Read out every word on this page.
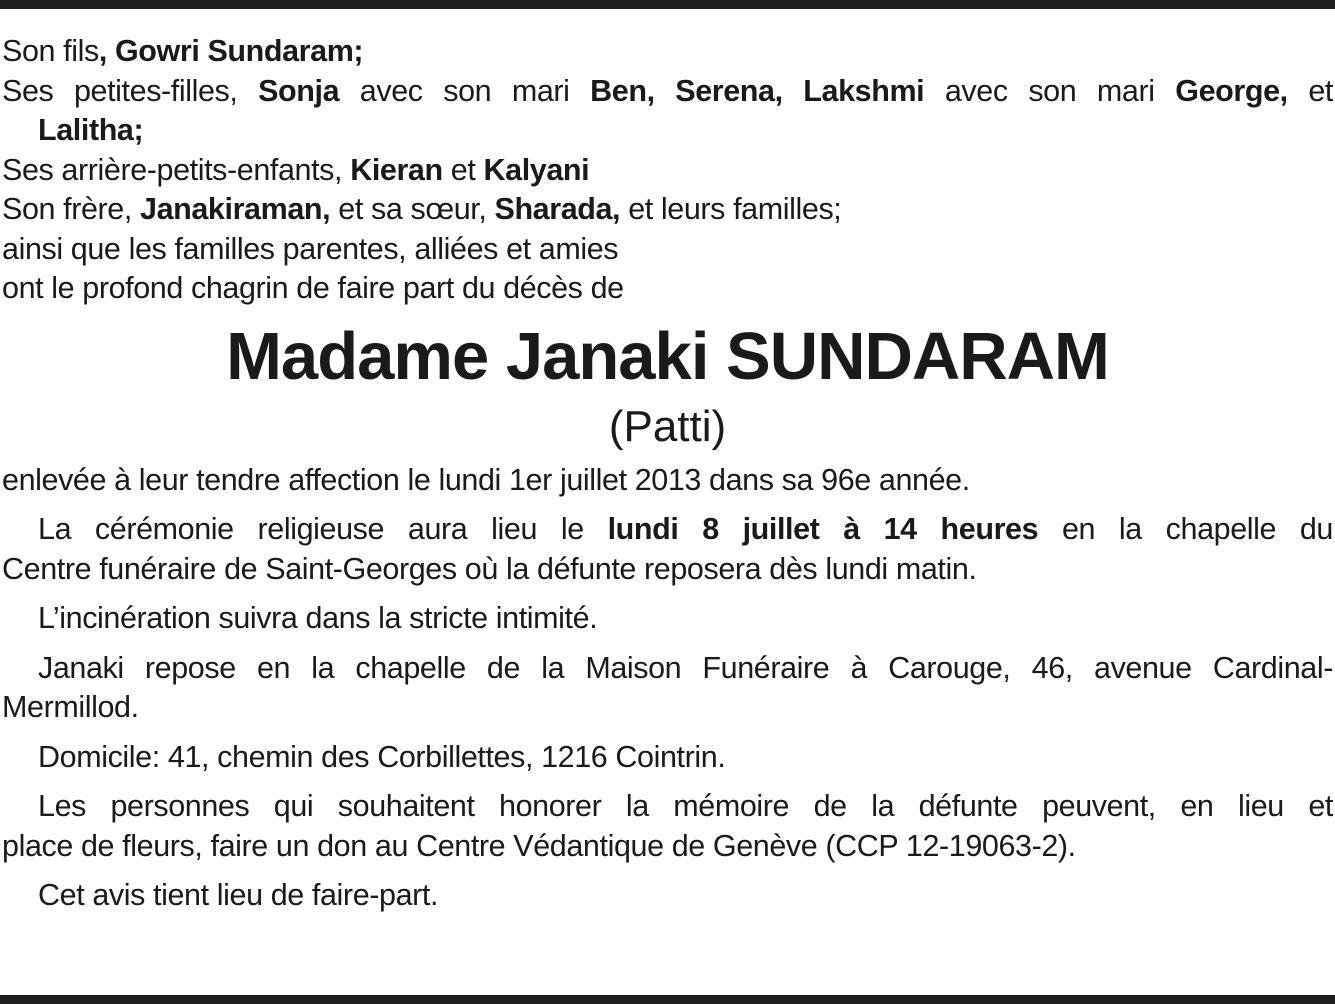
Son fils, Gowri Sundaram;
Ses petites-filles, Sonja avec son mari Ben, Serena, Lakshmi avec son mari George, et
Lalitha;
Ses arrière-petits-enfants, Kieran et Kalyani
Son frère, Janakiraman, et sa sœur, Sharada, et leurs familles;
ainsi que les familles parentes, alliées et amies
ont le profond chagrin de faire part du décès de
Madame Janaki SUNDARAM
(Patti)
enlevée à leur tendre affection le lundi 1er juillet 2013 dans sa 96e année.
La cérémonie religieuse aura lieu le lundi 8 juillet à 14 heures en la chapelle du
Centre funéraire de Saint-Georges où la défunte reposera dès lundi matin.
L’incinération suivra dans la stricte intimité.
Janaki repose en la chapelle de la Maison Funéraire à Carouge, 46, avenue Cardinal-
Mermillod.
Domicile: 41, chemin des Corbillettes, 1216 Cointrin.
Les personnes qui souhaitent honorer la mémoire de la défunte peuvent, en lieu et
place de fleurs, faire un don au Centre Védantique de Genève (CCP 12-19063-2).
Cet avis tient lieu de faire-part.
